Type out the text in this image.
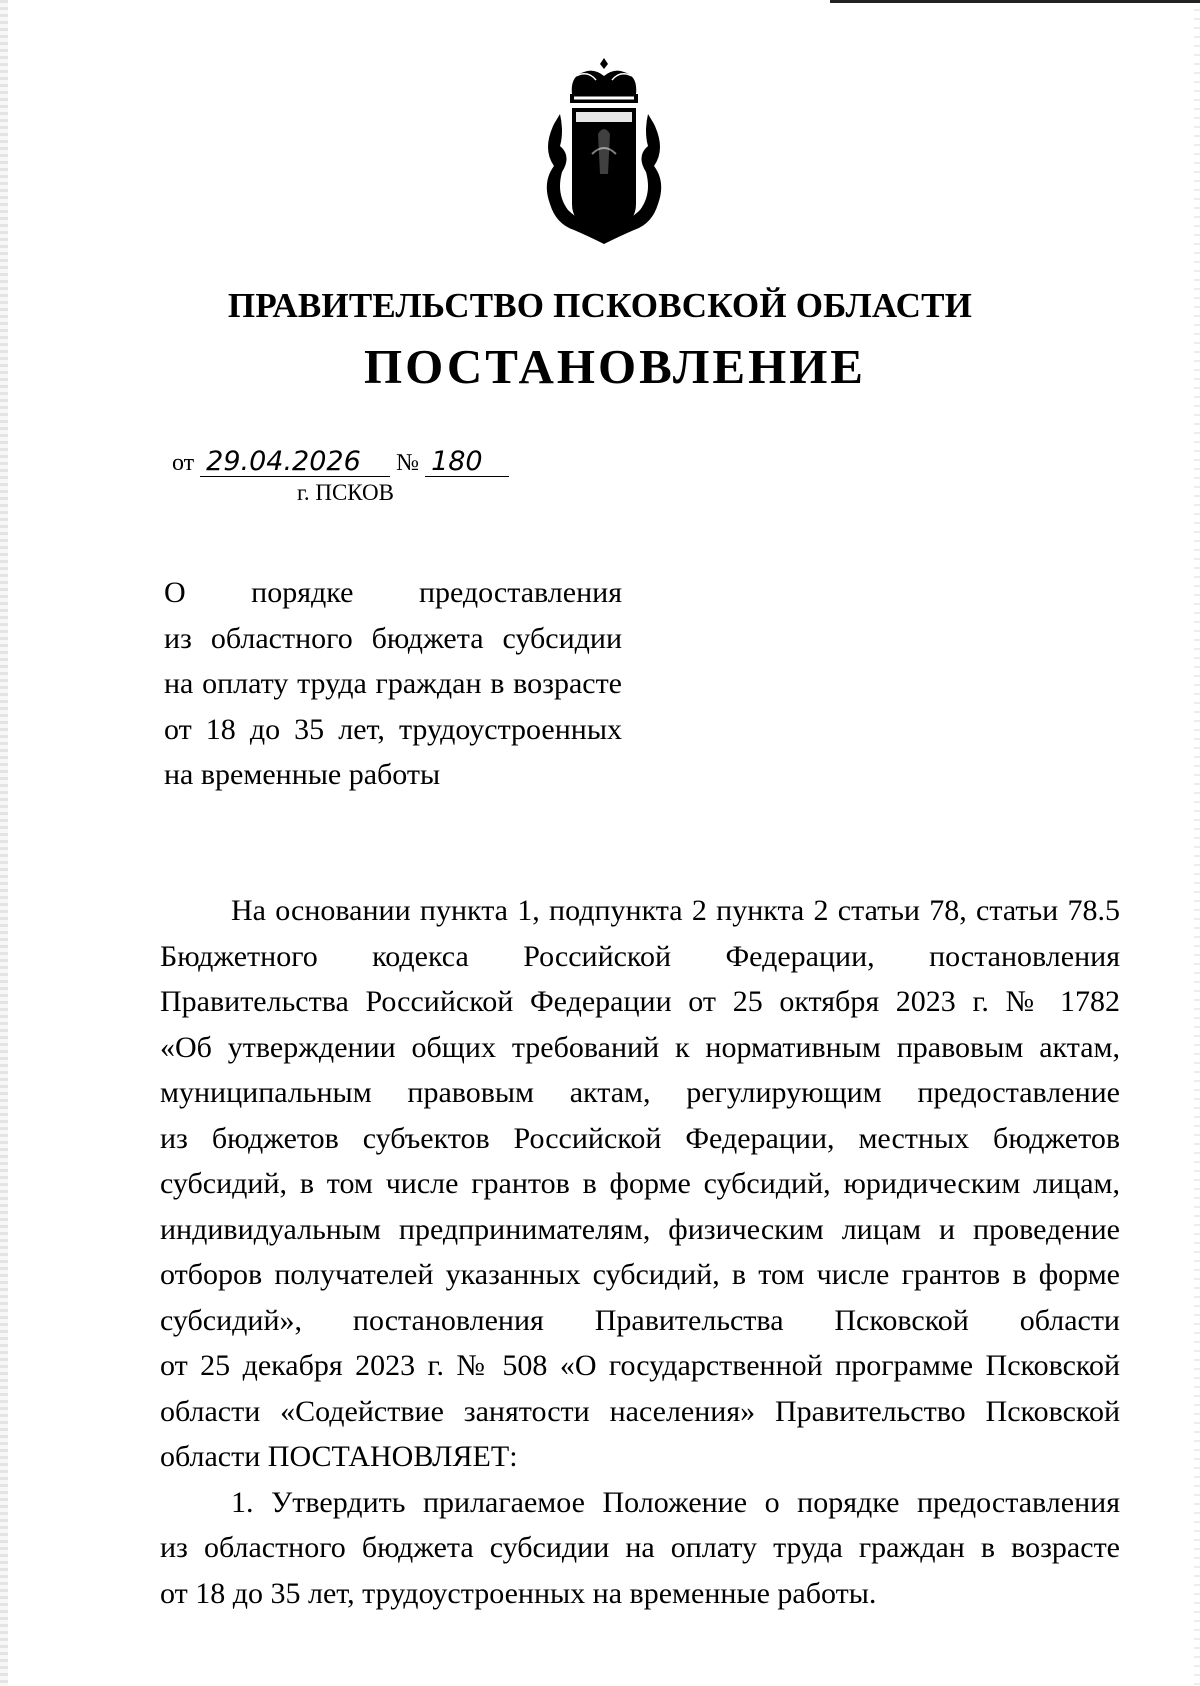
ПРАВИТЕЛЬСТВО ПСКОВСКОЙ ОБЛАСТИ
ПОСТАНОВЛЕНИЕ
от 29.04.2026 № 180
г. ПСКОВ
О порядке предоставления
из областного бюджета субсидии
на оплату труда граждан в возрасте
от 18 до 35 лет, трудоустроенных
на временные работы
На основании пункта 1, подпункта 2 пункта 2 статьи 78, статьи 78.5
Бюджетного кодекса Российской Федерации, постановления
Правительства Российской Федерации от 25 октября 2023 г. № 1782
«Об утверждении общих требований к нормативным правовым актам,
муниципальным правовым актам, регулирующим предоставление
из бюджетов субъектов Российской Федерации, местных бюджетов
субсидий, в том числе грантов в форме субсидий, юридическим лицам,
индивидуальным предпринимателям, физическим лицам и проведение
отборов получателей указанных субсидий, в том числе грантов в форме
субсидий», постановления Правительства Псковской области
от 25 декабря 2023 г. № 508 «О государственной программе Псковской
области «Содействие занятости населения» Правительство Псковской
области ПОСТАНОВЛЯЕТ:
1. Утвердить прилагаемое Положение о порядке предоставления
из областного бюджета субсидии на оплату труда граждан в возрасте
от 18 до 35 лет, трудоустроенных на временные работы.
